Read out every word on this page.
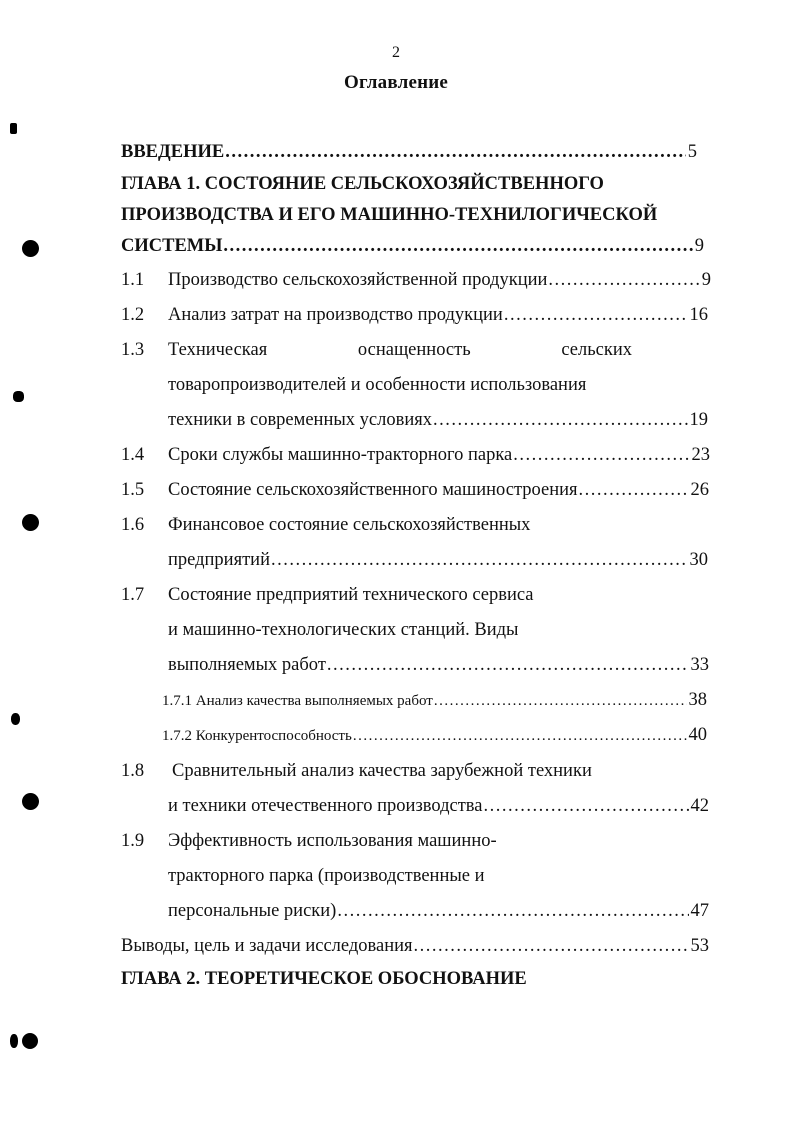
2
Оглавление
ВВЕДЕНИЕ .....	5
ГЛАВА 1. СОСТОЯНИЕ СЕЛЬСКОХОЗЯЙСТВЕННОГО
ПРОИЗВОДСТВА И ЕГО МАШИННО-ТЕХНИЛОГИЧЕСКОЙ
СИСТЕМЫ .....	9
1.1 Производство сельскохозяйственной продукции .....	9
1.2 Анализ затрат на производство продукции .....	16
1.3 Техническая	оснащенность	сельских
товаропроизводителей и особенности использования
техники в современных условиях .....	19
1.4 Сроки службы машинно-тракторного парка .....	23
1.5 Состояние сельскохозяйственного машиностроения .....	26
1.6 Финансовое состояние сельскохозяйственных
предприятий .....	30
1.7 Состояние предприятий технического сервиса
и машинно-технологических станций. Виды
выполняемых работ .....	33
1.7.1 Анализ качества выполняемых работ .....	38
1.7.2 Конкурентоспособность .....	40
1.8 Сравнительный анализ качества зарубежной техники
и техники отечественного производства .....	42
1.9 Эффективность использования машинно-
тракторного парка (производственные и
персональные риски) .....	47
Выводы, цель и задачи исследования .....	53
ГЛАВА 2. ТЕОРЕТИЧЕСКОЕ ОБОСНОВАНИЕ
